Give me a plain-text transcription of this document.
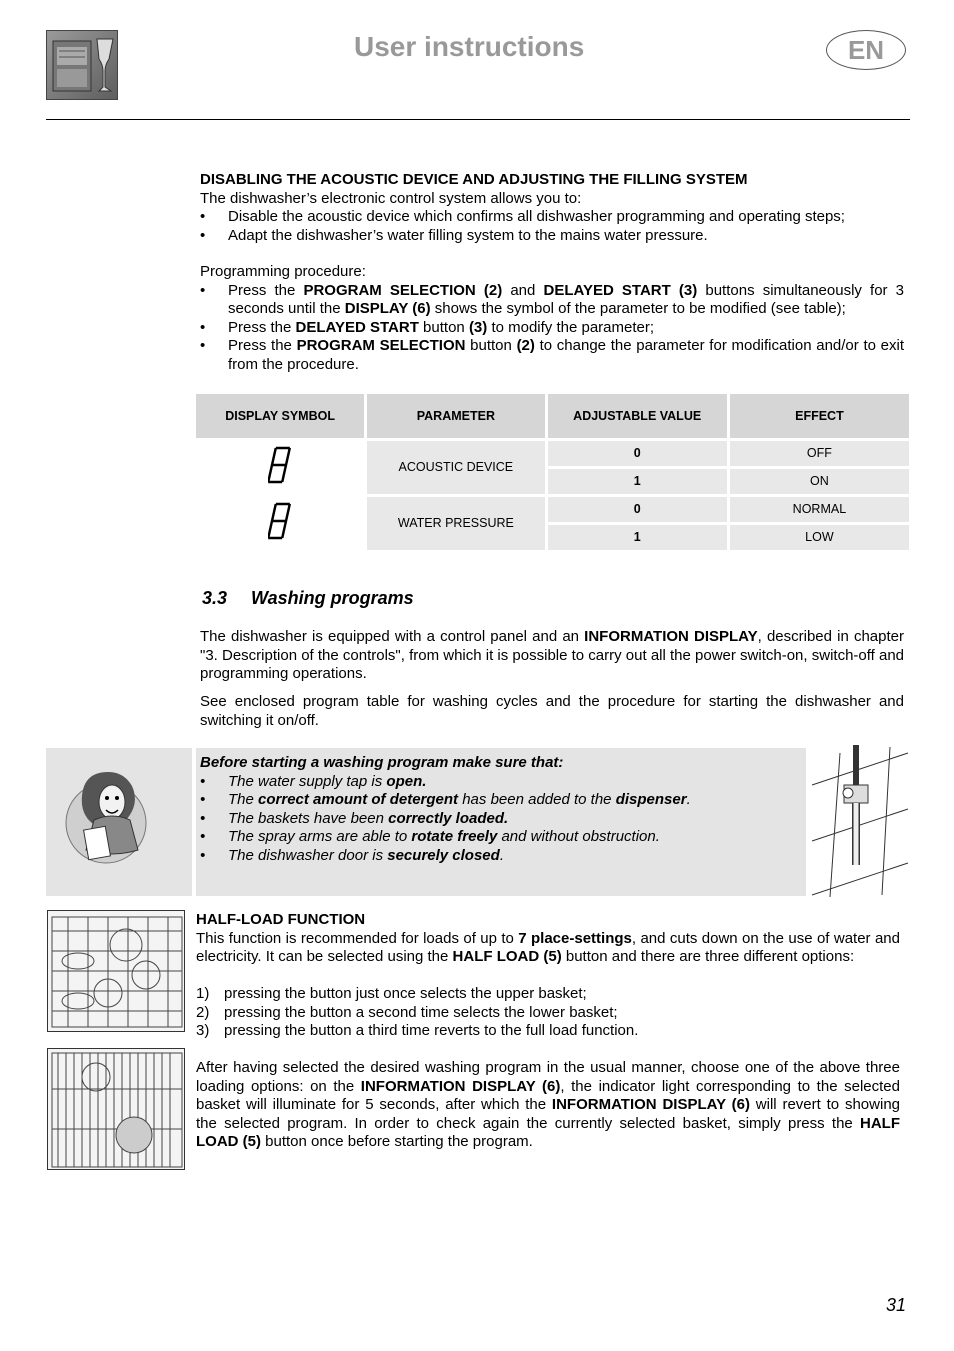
User instructions	EN
DISABLING THE ACOUSTIC DEVICE AND ADJUSTING THE FILLING SYSTEM
The dishwasher’s electronic control system allows you to:
• Disable the acoustic device which confirms all dishwasher programming and operating steps;
• Adapt the dishwasher’s water filling system to the mains water pressure.
Programming procedure:
• Press the PROGRAM SELECTION (2) and DELAYED START (3) buttons simultaneously for 3 seconds until the DISPLAY (6) shows the symbol of the parameter to be modified (see table);
• Press the DELAYED START button (3) to modify the parameter;
• Press the PROGRAM SELECTION button (2) to change the parameter for modification and/or to exit from the procedure.
DISPLAY SYMBOL	PARAMETER	ADJUSTABLE VALUE	EFFECT
	ACOUSTIC DEVICE	0	OFF
		1	ON
	WATER PRESSURE	0	NORMAL
		1	LOW
3.3 Washing programs
The dishwasher is equipped with a control panel and an INFORMATION DISPLAY, described in chapter "3. Description of the controls", from which it is possible to carry out all the power switch-on, switch-off and programming operations.
See enclosed program table for washing cycles and the procedure for starting the dishwasher and switching it on/off.
Before starting a washing program make sure that:
• The water supply tap is open.
• The correct amount of detergent has been added to the dispenser.
• The baskets have been correctly loaded.
• The spray arms are able to rotate freely and without obstruction.
• The dishwasher door is securely closed.
HALF-LOAD FUNCTION
This function is recommended for loads of up to 7 place-settings, and cuts down on the use of water and electricity. It can be selected using the HALF LOAD (5) button and there are three different options:
1) pressing the button just once selects the upper basket;
2) pressing the button a second time selects the lower basket;
3) pressing the button a third time reverts to the full load function.
After having selected the desired washing program in the usual manner, choose one of the above three loading options: on the INFORMATION DISPLAY (6), the indicator light corresponding to the selected basket will illuminate for 5 seconds, after which the INFORMATION DISPLAY (6) will revert to showing the selected program. In order to check again the currently selected basket, simply press the HALF LOAD (5) button once before starting the program.
31
